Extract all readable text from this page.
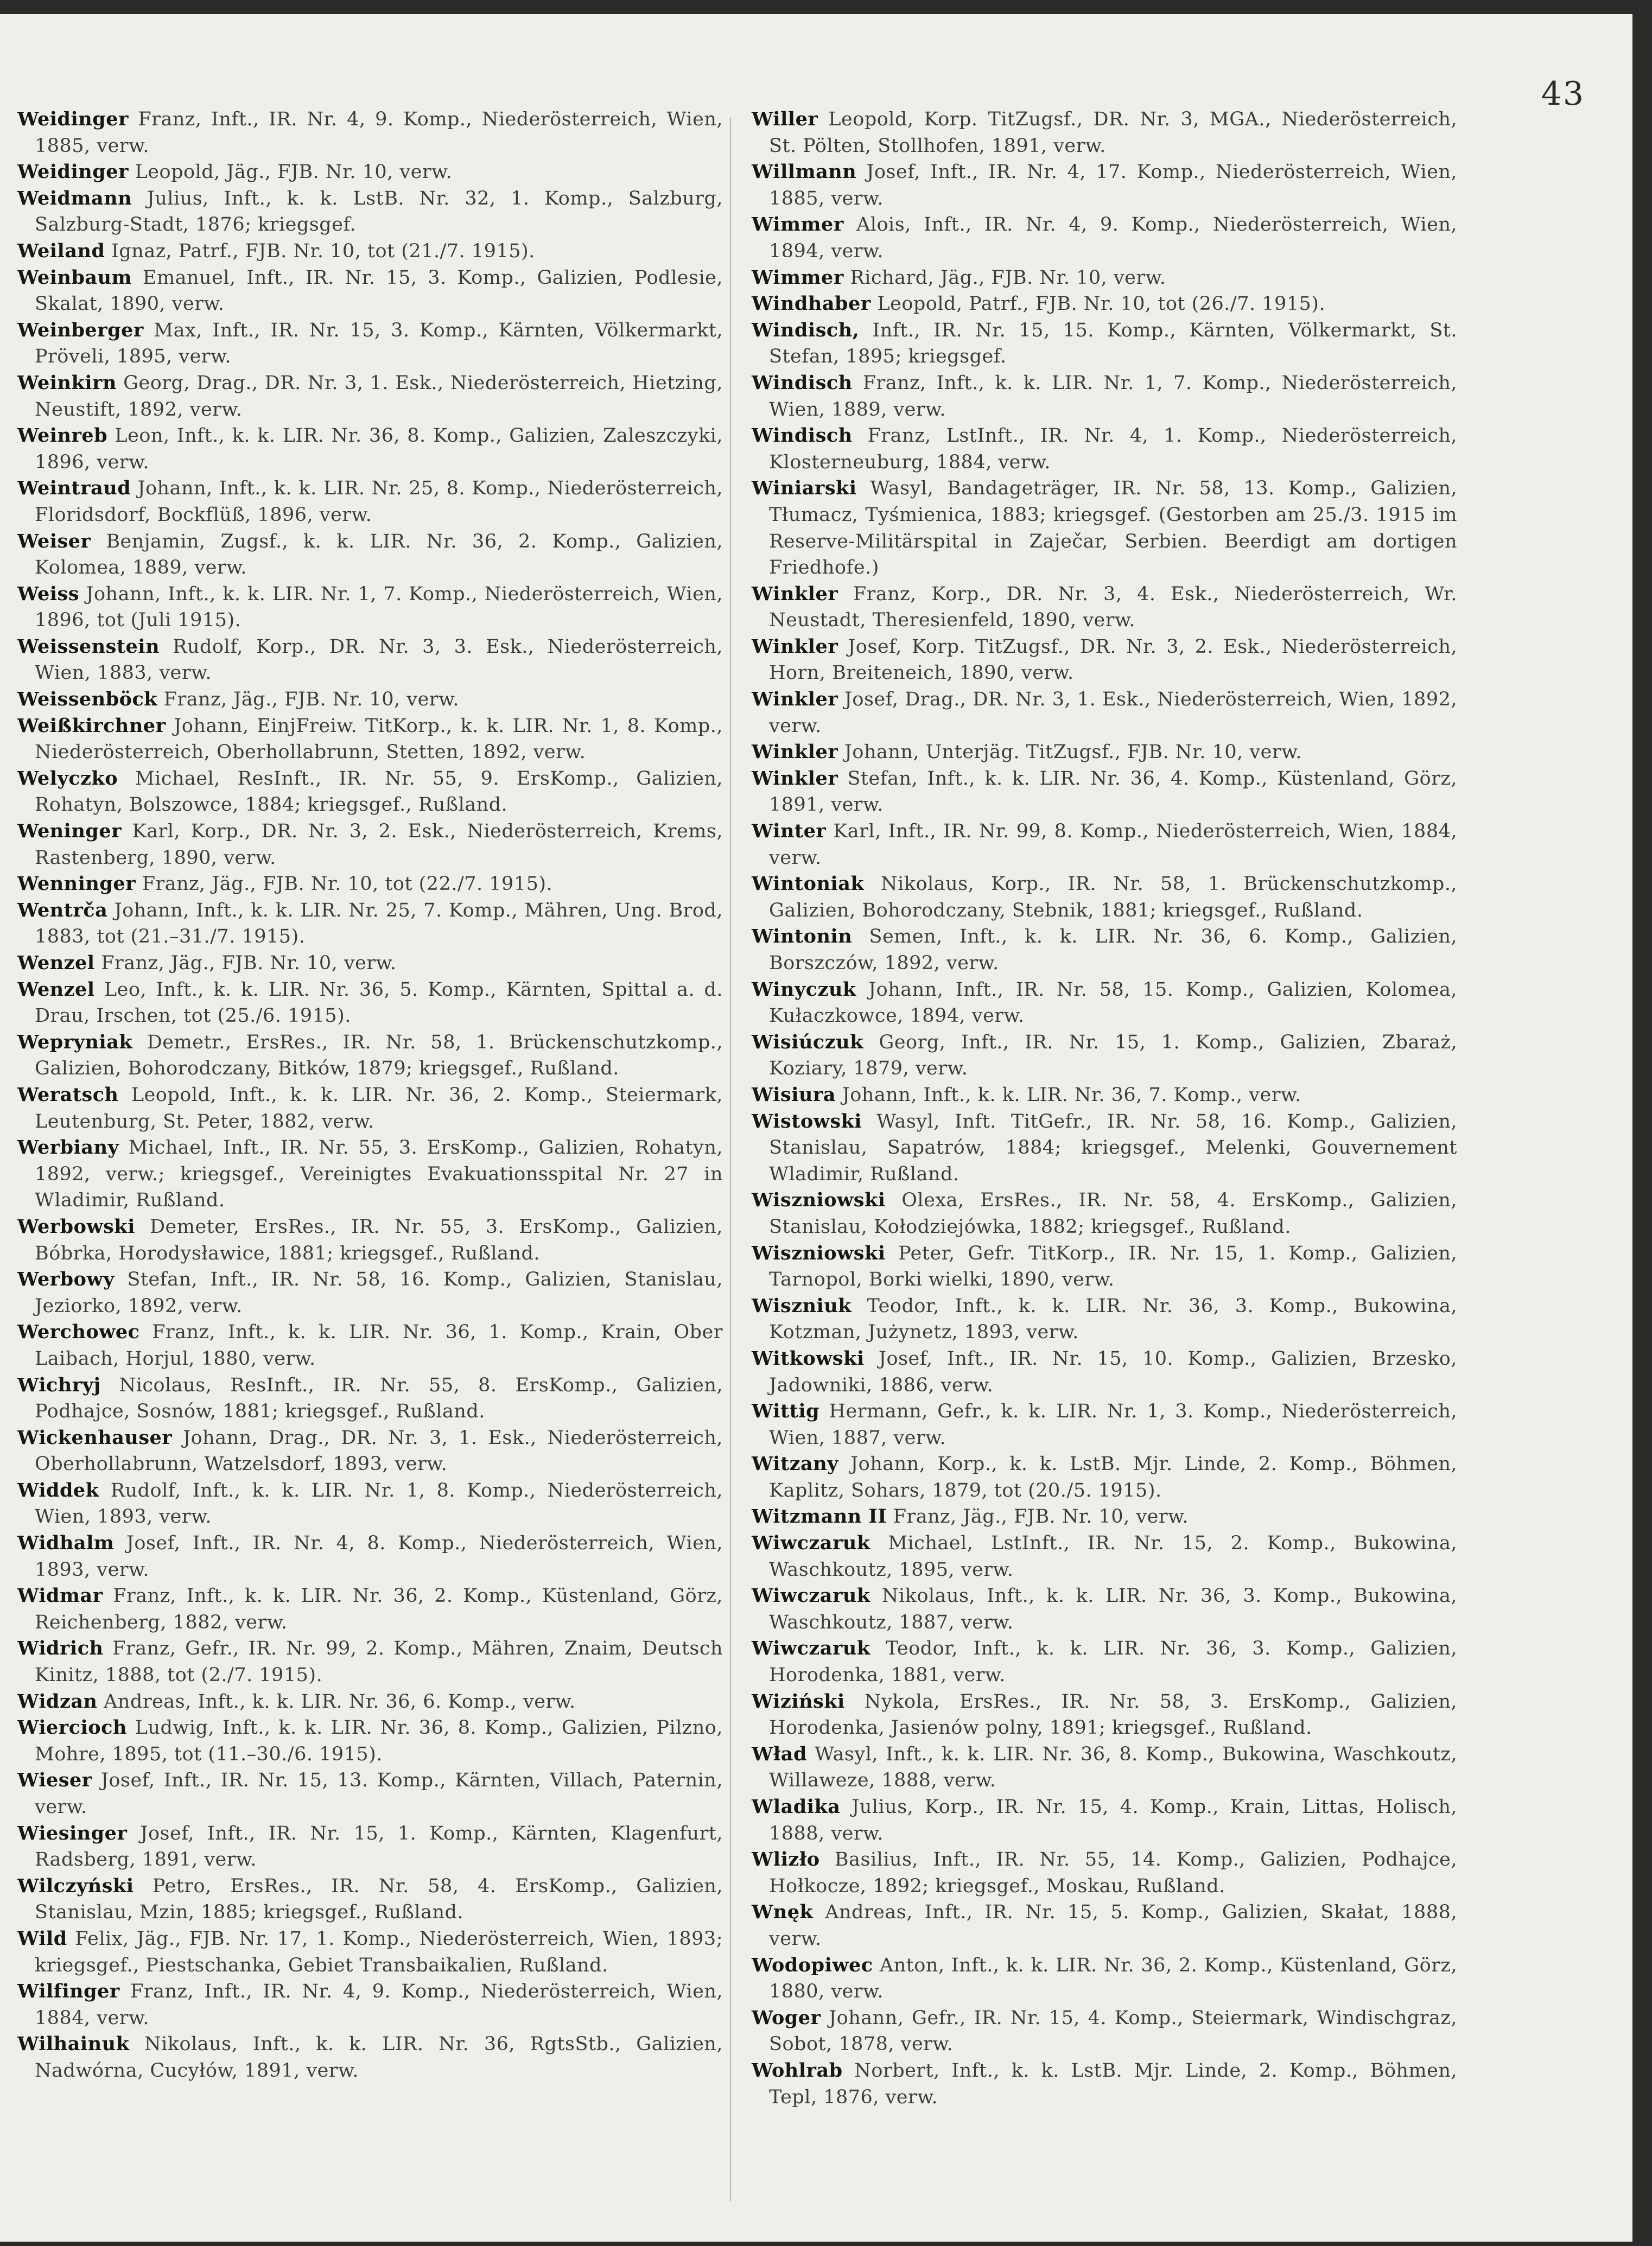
43

Weidinger Franz, Inft., IR. Nr. 4, 9. Komp., Niederösterreich, Wien, 1885, verw.

Weidinger Leopold, Jäg., FJB. Nr. 10, verw.

Weidmann Julius, Inft., k. k. LstB. Nr. 32, 1. Komp., Salzburg, Salzburg-Stadt, 1876; kriegsgef.

Weiland Ignaz, Patrf., FJB. Nr. 10, tot (21./7. 1915).

Weinbaum Emanuel, Inft., IR. Nr. 15, 3. Komp., Galizien, Podlesie, Skalat, 1890, verw.

Weinberger Max, Inft., IR. Nr. 15, 3. Komp., Kärnten, Völkermarkt, Pröveli, 1895, verw.

Weinkirn Georg, Drag., DR. Nr. 3, 1. Esk., Niederösterreich, Hietzing, Neustift, 1892, verw.

Weinreb Leon, Inft., k. k. LIR. Nr. 36, 8. Komp., Galizien, Zaleszczyki, 1896, verw.

Weintraud Johann, Inft., k. k. LIR. Nr. 25, 8. Komp., Niederösterreich, Floridsdorf, Bockflüß, 1896, verw.

Weiser Benjamin, Zugsf., k. k. LIR. Nr. 36, 2. Komp., Galizien, Kolomea, 1889, verw.

Weiss Johann, Inft., k. k. LIR. Nr. 1, 7. Komp., Niederösterreich, Wien, 1896, tot (Juli 1915).

Weissenstein Rudolf, Korp., DR. Nr. 3, 3. Esk., Niederösterreich, Wien, 1883, verw.

Weissenböck Franz, Jäg., FJB. Nr. 10, verw.

Weißkirchner Johann, EinjFreiw. TitKorp., k. k. LIR. Nr. 1, 8. Komp., Niederösterreich, Oberhollabrunn, Stetten, 1892, verw.

Welyczko Michael, ResInft., IR. Nr. 55, 9. ErsKomp., Galizien, Rohatyn, Bolszowce, 1884; kriegsgef., Rußland.

Weninger Karl, Korp., DR. Nr. 3, 2. Esk., Niederösterreich, Krems, Rastenberg, 1890, verw.

Wenninger Franz, Jäg., FJB. Nr. 10, tot (22./7. 1915).

Wentrča Johann, Inft., k. k. LIR. Nr. 25, 7. Komp., Mähren, Ung. Brod, 1883, tot (21.–31./7. 1915).

Wenzel Franz, Jäg., FJB. Nr. 10, verw.

Wenzel Leo, Inft., k. k. LIR. Nr. 36, 5. Komp., Kärnten, Spittal a. d. Drau, Irschen, tot (25./6. 1915).

Wepryniak Demetr., ErsRes., IR. Nr. 58, 1. Brückenschutzkomp., Galizien, Bohorodczany, Bitków, 1879; kriegsgef., Rußland.

Weratsch Leopold, Inft., k. k. LIR. Nr. 36, 2. Komp., Steiermark, Leutenburg, St. Peter, 1882, verw.

Werbiany Michael, Inft., IR. Nr. 55, 3. ErsKomp., Galizien, Rohatyn, 1892, verw.; kriegsgef., Vereinigtes Evakuationsspital Nr. 27 in Wladimir, Rußland.

Werbowski Demeter, ErsRes., IR. Nr. 55, 3. ErsKomp., Galizien, Bóbrka, Horodysławice, 1881; kriegsgef., Rußland.

Werbowy Stefan, Inft., IR. Nr. 58, 16. Komp., Galizien, Stanislau, Jeziorko, 1892, verw.

Werchowec Franz, Inft., k. k. LIR. Nr. 36, 1. Komp., Krain, Ober Laibach, Horjul, 1880, verw.

Wichryj Nicolaus, ResInft., IR. Nr. 55, 8. ErsKomp., Galizien, Podhajce, Sosnów, 1881; kriegsgef., Rußland.

Wickenhauser Johann, Drag., DR. Nr. 3, 1. Esk., Niederösterreich, Oberhollabrunn, Watzelsdorf, 1893, verw.

Widdek Rudolf, Inft., k. k. LIR. Nr. 1, 8. Komp., Niederösterreich, Wien, 1893, verw.

Widhalm Josef, Inft., IR. Nr. 4, 8. Komp., Niederösterreich, Wien, 1893, verw.

Widmar Franz, Inft., k. k. LIR. Nr. 36, 2. Komp., Küstenland, Görz, Reichenberg, 1882, verw.

Widrich Franz, Gefr., IR. Nr. 99, 2. Komp., Mähren, Znaim, Deutsch Kinitz, 1888, tot (2./7. 1915).

Widzan Andreas, Inft., k. k. LIR. Nr. 36, 6. Komp., verw.

Wiercioch Ludwig, Inft., k. k. LIR. Nr. 36, 8. Komp., Galizien, Pilzno, Mohre, 1895, tot (11.–30./6. 1915).

Wieser Josef, Inft., IR. Nr. 15, 13. Komp., Kärnten, Villach, Paternin, verw.

Wiesinger Josef, Inft., IR. Nr. 15, 1. Komp., Kärnten, Klagenfurt, Radsberg, 1891, verw.

Wilczyński Petro, ErsRes., IR. Nr. 58, 4. ErsKomp., Galizien, Stanislau, Mzin, 1885; kriegsgef., Rußland.

Wild Felix, Jäg., FJB. Nr. 17, 1. Komp., Niederösterreich, Wien, 1893; kriegsgef., Piestschanka, Gebiet Transbaikalien, Rußland.

Wilfinger Franz, Inft., IR. Nr. 4, 9. Komp., Niederösterreich, Wien, 1884, verw.

Wilhainuk Nikolaus, Inft., k. k. LIR. Nr. 36, RgtsStb., Galizien, Nadwórna, Cucyłów, 1891, verw.

Willer Leopold, Korp. TitZugsf., DR. Nr. 3, MGA., Niederösterreich, St. Pölten, Stollhofen, 1891, verw.

Willmann Josef, Inft., IR. Nr. 4, 17. Komp., Niederösterreich, Wien, 1885, verw.

Wimmer Alois, Inft., IR. Nr. 4, 9. Komp., Niederösterreich, Wien, 1894, verw.

Wimmer Richard, Jäg., FJB. Nr. 10, verw.

Windhaber Leopold, Patrf., FJB. Nr. 10, tot (26./7. 1915).

Windisch, Inft., IR. Nr. 15, 15. Komp., Kärnten, Völkermarkt, St. Stefan, 1895; kriegsgef.

Windisch Franz, Inft., k. k. LIR. Nr. 1, 7. Komp., Niederösterreich, Wien, 1889, verw.

Windisch Franz, LstInft., IR. Nr. 4, 1. Komp., Niederösterreich, Klosterneuburg, 1884, verw.

Winiarski Wasyl, Bandageträger, IR. Nr. 58, 13. Komp., Galizien, Tłumacz, Tyśmienica, 1883; kriegsgef. (Gestorben am 25./3. 1915 im Reserve-Militärspital in Zaječar, Serbien. Beerdigt am dortigen Friedhofe.)

Winkler Franz, Korp., DR. Nr. 3, 4. Esk., Niederösterreich, Wr. Neustadt, Theresienfeld, 1890, verw.

Winkler Josef, Korp. TitZugsf., DR. Nr. 3, 2. Esk., Niederösterreich, Horn, Breiteneich, 1890, verw.

Winkler Josef, Drag., DR. Nr. 3, 1. Esk., Niederösterreich, Wien, 1892, verw.

Winkler Johann, Unterjäg. TitZugsf., FJB. Nr. 10, verw.

Winkler Stefan, Inft., k. k. LIR. Nr. 36, 4. Komp., Küstenland, Görz, 1891, verw.

Winter Karl, Inft., IR. Nr. 99, 8. Komp., Niederösterreich, Wien, 1884, verw.

Wintoniak Nikolaus, Korp., IR. Nr. 58, 1. Brückenschutzkomp., Galizien, Bohorodczany, Stebnik, 1881; kriegsgef., Rußland.

Wintonin Semen, Inft., k. k. LIR. Nr. 36, 6. Komp., Galizien, Borszczów, 1892, verw.

Winyczuk Johann, Inft., IR. Nr. 58, 15. Komp., Galizien, Kolomea, Kułaczkowce, 1894, verw.

Wisiúczuk Georg, Inft., IR. Nr. 15, 1. Komp., Galizien, Zbaraż, Koziary, 1879, verw.

Wisiura Johann, Inft., k. k. LIR. Nr. 36, 7. Komp., verw.

Wistowski Wasyl, Inft. TitGefr., IR. Nr. 58, 16. Komp., Galizien, Stanislau, Sapatrów, 1884; kriegsgef., Melenki, Gouvernement Wladimir, Rußland.

Wiszniowski Olexa, ErsRes., IR. Nr. 58, 4. ErsKomp., Galizien, Stanislau, Kołodziejówka, 1882; kriegsgef., Rußland.

Wiszniowski Peter, Gefr. TitKorp., IR. Nr. 15, 1. Komp., Galizien, Tarnopol, Borki wielki, 1890, verw.

Wiszniuk Teodor, Inft., k. k. LIR. Nr. 36, 3. Komp., Bukowina, Kotzman, Jużynetz, 1893, verw.

Witkowski Josef, Inft., IR. Nr. 15, 10. Komp., Galizien, Brzesko, Jadowniki, 1886, verw.

Wittig Hermann, Gefr., k. k. LIR. Nr. 1, 3. Komp., Niederösterreich, Wien, 1887, verw.

Witzany Johann, Korp., k. k. LstB. Mjr. Linde, 2. Komp., Böhmen, Kaplitz, Sohars, 1879, tot (20./5. 1915).

Witzmann II Franz, Jäg., FJB. Nr. 10, verw.

Wiwczaruk Michael, LstInft., IR. Nr. 15, 2. Komp., Bukowina, Waschkoutz, 1895, verw.

Wiwczaruk Nikolaus, Inft., k. k. LIR. Nr. 36, 3. Komp., Bukowina, Waschkoutz, 1887, verw.

Wiwczaruk Teodor, Inft., k. k. LIR. Nr. 36, 3. Komp., Galizien, Horodenka, 1881, verw.

Wiziński Nykola, ErsRes., IR. Nr. 58, 3. ErsKomp., Galizien, Horodenka, Jasienów polny, 1891; kriegsgef., Rußland.

Wład Wasyl, Inft., k. k. LIR. Nr. 36, 8. Komp., Bukowina, Waschkoutz, Willaweze, 1888, verw.

Wladika Julius, Korp., IR. Nr. 15, 4. Komp., Krain, Littas, Holisch, 1888, verw.

Wlizło Basilius, Inft., IR. Nr. 55, 14. Komp., Galizien, Podhajce, Hołkocze, 1892; kriegsgef., Moskau, Rußland.

Wnęk Andreas, Inft., IR. Nr. 15, 5. Komp., Galizien, Skałat, 1888, verw.

Wodopiwec Anton, Inft., k. k. LIR. Nr. 36, 2. Komp., Küstenland, Görz, 1880, verw.

Woger Johann, Gefr., IR. Nr. 15, 4. Komp., Steiermark, Windischgraz, Sobot, 1878, verw.

Wohlrab Norbert, Inft., k. k. LstB. Mjr. Linde, 2. Komp., Böhmen, Tepl, 1876, verw.
